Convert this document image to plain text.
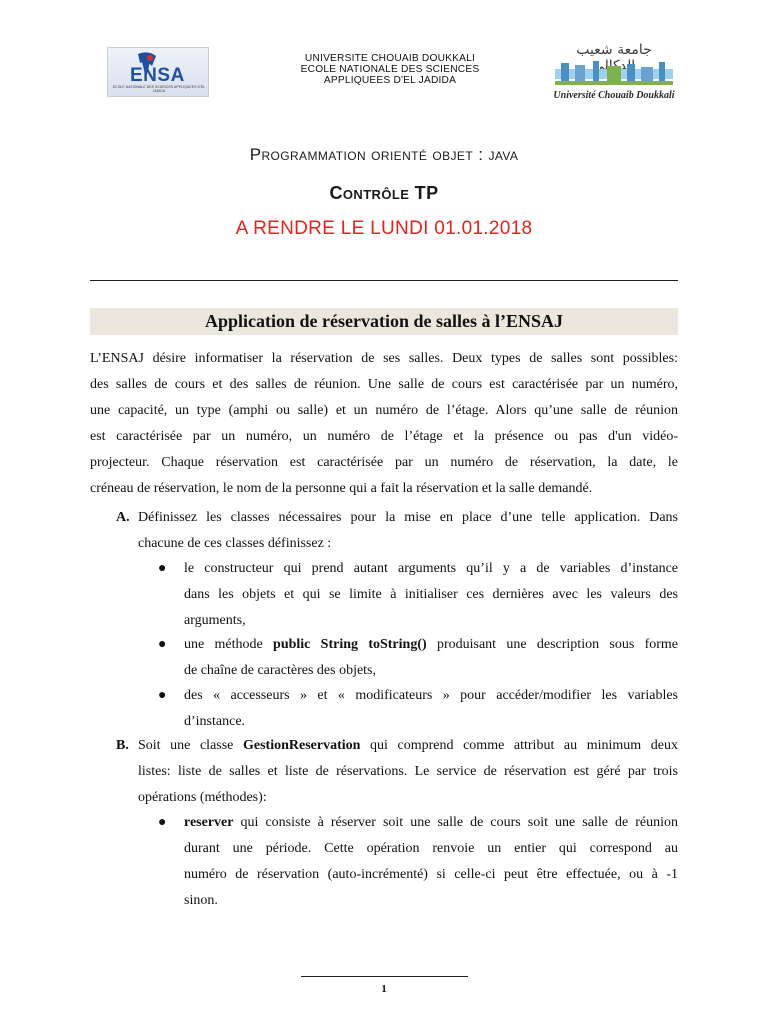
ENSA
ECOLE NATIONALE DES SCIENCES APPLIQUEES D'EL JADIDA
UNIVERSITE CHOUAIB DOUKKALI
ECOLE NATIONALE DES SCIENCES
APPLIQUEES D'EL JADIDA
جامعة شعيب
Université Chouaib Doukkali
Programmation orienté objet : java
Contrôle TP
A RENDRE LE LUNDI 01.01.2018
Application de réservation de salles à l’ENSAJ
L’ENSAJ désire informatiser la réservation de ses salles. Deux types de salles sont possibles:
des salles de cours et des salles de réunion. Une salle de cours est caractérisée par un numéro,
une capacité, un type (amphi ou salle) et un numéro de l’étage. Alors qu’une salle de réunion
est caractérisée par un numéro, un numéro de l’étage et la présence ou pas d'un vidéo-
projecteur. Chaque réservation est caractérisée par un numéro de réservation, la date, le
créneau de réservation, le nom de la personne qui a fait la réservation et la salle demandé.
A. Définissez les classes nécessaires pour la mise en place d’une telle application. Dans
chacune de ces classes définissez :
● le constructeur qui prend autant arguments qu’il y a de variables d’instance
dans les objets et qui se limite à initialiser ces dernières avec les valeurs des
arguments,
● une méthode public String toString() produisant une description sous forme
de chaîne de caractères des objets,
● des « accesseurs » et « modificateurs » pour accéder/modifier les variables
d’instance.
B. Soit une classe GestionReservation qui comprend comme attribut au minimum deux
listes: liste de salles et liste de réservations. Le service de réservation est géré par trois
opérations (méthodes):
● reserver qui consiste à réserver soit une salle de cours soit une salle de réunion
durant une période. Cette opération renvoie un entier qui correspond au
numéro de réservation (auto-incrémenté) si celle-ci peut être effectuée, ou à -1
sinon.
1
